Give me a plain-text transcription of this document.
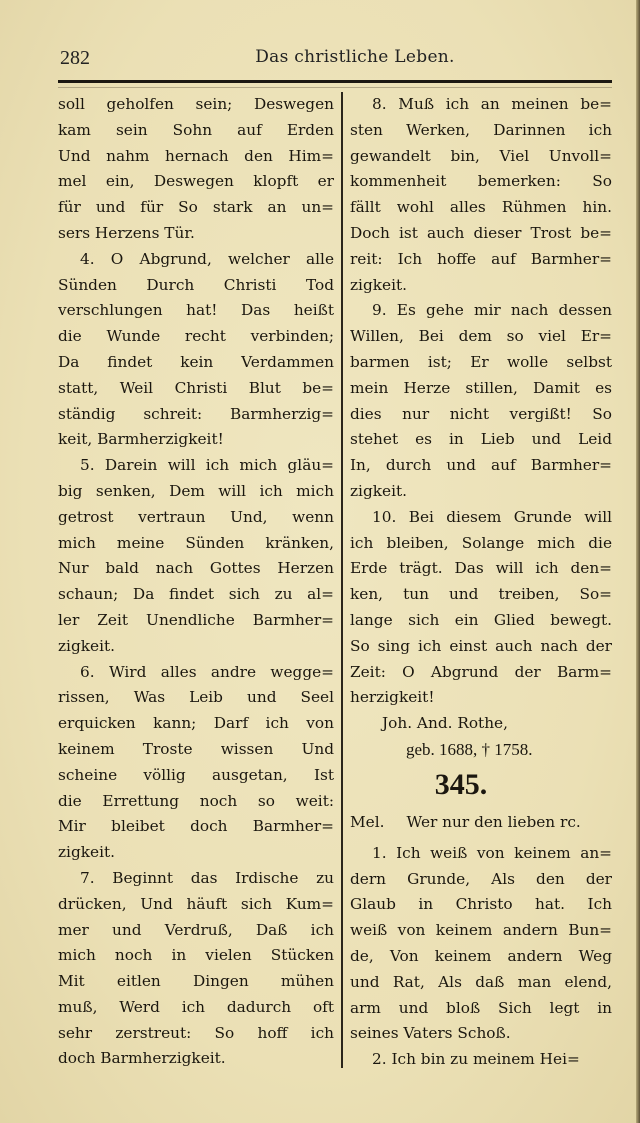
282	Das christliche Leben.
soll geholfen sein; Deswegen
kam sein Sohn auf Erden
Und nahm hernach den Him=
mel ein, Deswegen klopft er
für und für So stark an un=
sers Herzens Tür.
4. O Abgrund, welcher alle
Sünden Durch Christi Tod
verschlungen hat! Das heißt
die Wunde recht verbinden;
Da findet kein Verdammen
statt, Weil Christi Blut be=
ständig schreit: Barmherzig=
keit, Barmherzigkeit!
5. Darein will ich mich gläu=
big senken, Dem will ich mich
getrost vertraun Und, wenn
mich meine Sünden kränken,
Nur bald nach Gottes Herzen
schaun; Da findet sich zu al=
ler Zeit Unendliche Barmher=
zigkeit.
6. Wird alles andre wegge=
rissen, Was Leib und Seel
erquicken kann; Darf ich von
keinem Troste wissen Und
scheine völlig ausgetan, Ist
die Errettung noch so weit:
Mir bleibet doch Barmher=
zigkeit.
7. Beginnt das Irdische zu
drücken, Und häuft sich Kum=
mer und Verdruß, Daß ich
mich noch in vielen Stücken
Mit eitlen Dingen mühen
muß, Werd ich dadurch oft
sehr zerstreut: So hoff ich
doch Barmherzigkeit.
8. Muß ich an meinen be=
sten Werken, Darinnen ich
gewandelt bin, Viel Unvoll=
kommenheit bemerken: So
fällt wohl alles Rühmen hin.
Doch ist auch dieser Trost be=
reit: Ich hoffe auf Barmher=
zigkeit.
9. Es gehe mir nach dessen
Willen, Bei dem so viel Er=
barmen ist; Er wolle selbst
mein Herze stillen, Damit es
dies nur nicht vergißt! So
stehet es in Lieb und Leid
In, durch und auf Barmher=
zigkeit.
10. Bei diesem Grunde will
ich bleiben, Solange mich die
Erde trägt. Das will ich den=
ken, tun und treiben, So=
lange sich ein Glied bewegt.
So sing ich einst auch nach der
Zeit: O Abgrund der Barm=
herzigkeit!
Joh. And. Rothe,
geb. 1688, † 1758.
345.
Mel. Wer nur den lieben rc.
1. Ich weiß von keinem an=
dern Grunde, Als den der
Glaub in Christo hat. Ich
weiß von keinem andern Bun=
de, Von keinem andern Weg
und Rat, Als daß man elend,
arm und bloß Sich legt in
seines Vaters Schoß.
2. Ich bin zu meinem Hei=
